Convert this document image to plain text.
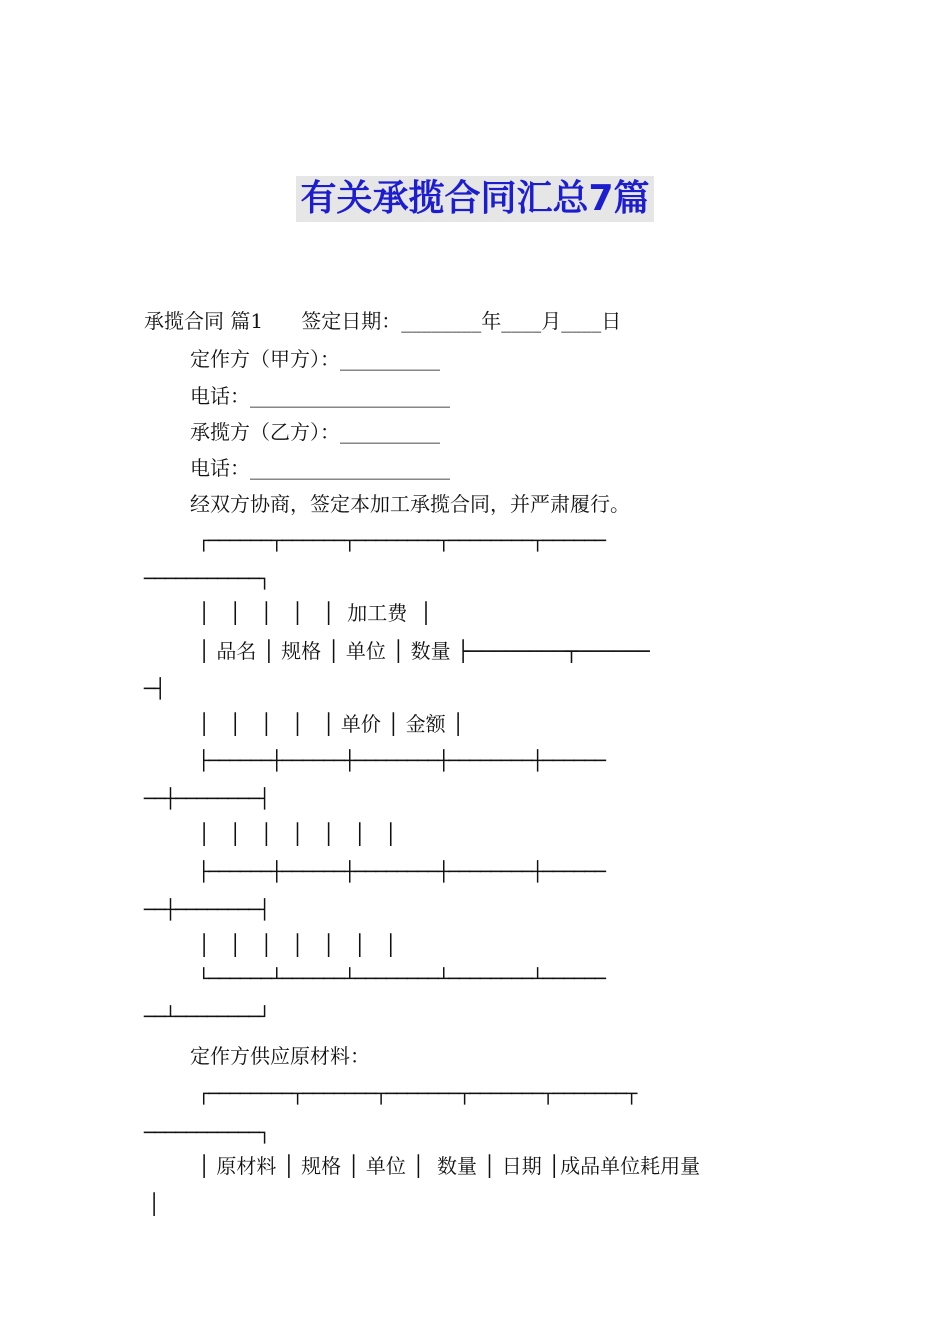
有关承揽合同汇总7篇

承揽合同 篇1      签定日期：________年____月____日

定作方（甲方）：__________

电话：____________________

承揽方（乙方）：__________

电话：____________________

经双方协商，签定本加工承揽合同，并严肃履行。

┌──────┬──────┬────────┬────────┬──────

───────────┐

│   │   │   │   │  加工费  │

│ 品名 │ 规格 │ 单位 │ 数量 ├────────┬──────

─┤

│   │   │   │   │ 单价 │ 金额 │

├──────┼──────┼────────┼────────┼──────

──┼────────┤

│   │   │   │   │   │   │

├──────┼──────┼────────┼────────┼──────

──┼────────┤

│   │   │   │   │   │   │

└──────┴──────┴────────┴────────┴──────

──┴────────┘

定作方供应原材料：

┌────────┬───────┬───────┬───────┬───────┬

───────────┐

│ 原材料 │ 规格 │ 单位 │  数量 │ 日期 │成品单位耗用量

│
